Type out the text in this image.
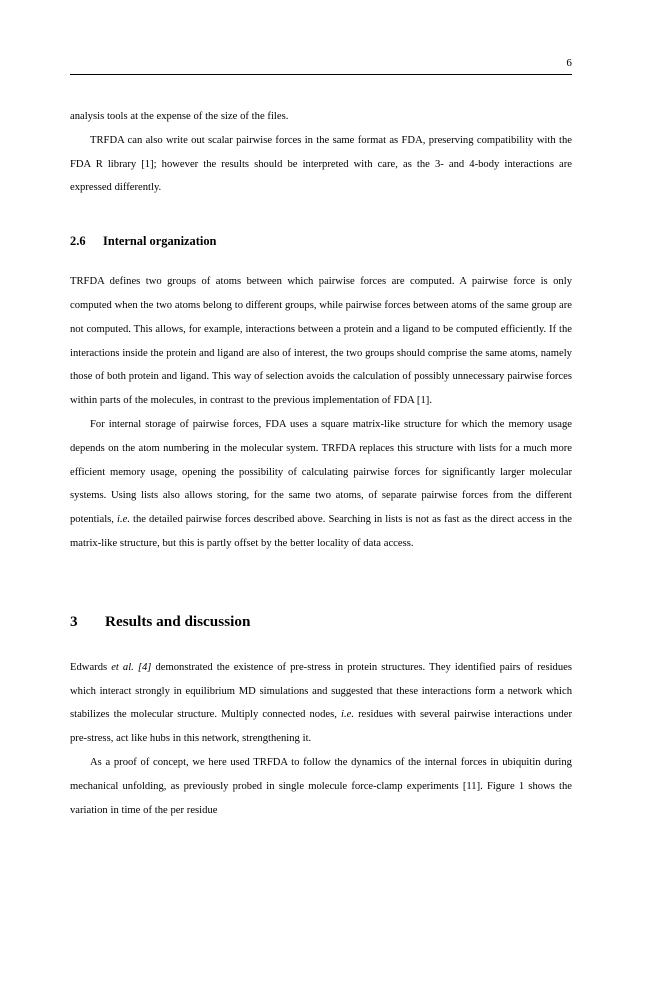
6

analysis tools at the expense of the size of the files.

TRFDA can also write out scalar pairwise forces in the same format as FDA, preserving compatibility with the FDA R library [1]; however the results should be interpreted with care, as the 3- and 4-body interactions are expressed differently.

2.6 Internal organization

TRFDA defines two groups of atoms between which pairwise forces are computed. A pairwise force is only computed when the two atoms belong to different groups, while pairwise forces between atoms of the same group are not computed. This allows, for example, interactions between a protein and a ligand to be computed efficiently. If the interactions inside the protein and ligand are also of interest, the two groups should comprise the same atoms, namely those of both protein and ligand. This way of selection avoids the calculation of possibly unnecessary pairwise forces within parts of the molecules, in contrast to the previous implementation of FDA [1].

For internal storage of pairwise forces, FDA uses a square matrix-like structure for which the memory usage depends on the atom numbering in the molecular system. TRFDA replaces this structure with lists for a much more efficient memory usage, opening the possibility of calculating pairwise forces for significantly larger molecular systems. Using lists also allows storing, for the same two atoms, of separate pairwise forces from the different potentials, i.e. the detailed pairwise forces described above. Searching in lists is not as fast as the direct access in the matrix-like structure, but this is partly offset by the better locality of data access.

3 Results and discussion

Edwards et al. [4] demonstrated the existence of pre-stress in protein structures. They identified pairs of residues which interact strongly in equilibrium MD simulations and suggested that these interactions form a network which stabilizes the molecular structure. Multiply connected nodes, i.e. residues with several pairwise interactions under pre-stress, act like hubs in this network, strengthening it.

As a proof of concept, we here used TRFDA to follow the dynamics of the internal forces in ubiquitin during mechanical unfolding, as previously probed in single molecule force-clamp experiments [11]. Figure 1 shows the variation in time of the per residue
